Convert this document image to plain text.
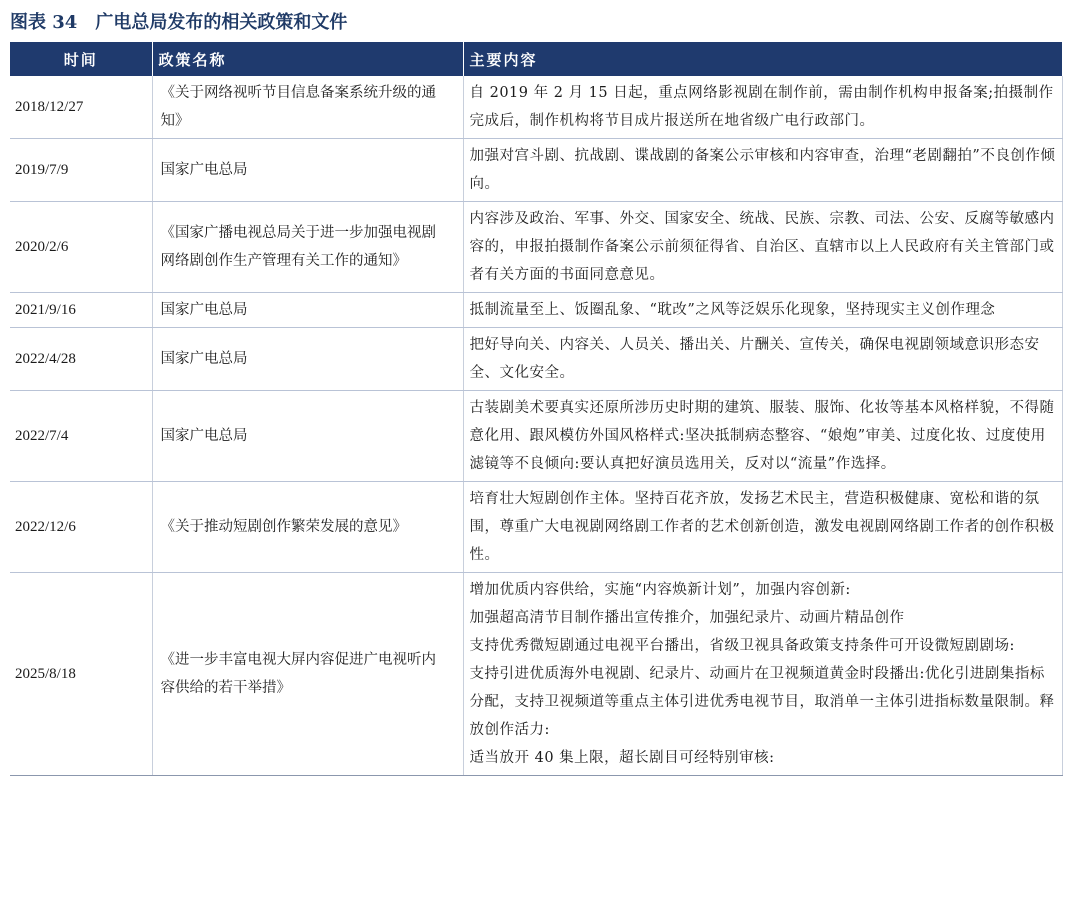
图表 34 广电总局发布的相关政策和文件
时间	政策名称	主要内容
2018/12/27	《关于网络视听节目信息备案系统升级的通知》	自 2019 年 2 月 15 日起，重点网络影视剧在制作前，需由制作机构申报备案;拍摄制作完成后，制作机构将节目成片报送所在地省级广电行政部门。

2019/7/9	国家广电总局	加强对宫斗剧、抗战剧、谍战剧的备案公示审核和内容审查，治理“老剧翻拍”不良创作倾向。

2020/2/6	《国家广播电视总局关于进一步加强电视剧网络剧创作生产管理有关工作的通知》	内容涉及政治、军事、外交、国家安全、统战、民族、宗教、司法、公安、反腐等敏感内容的，申报拍摄制作备案公示前须征得省、自治区、直辖市以上人民政府有关主管部门或者有关方面的书面同意意见。

2021/9/16	国家广电总局	抵制流量至上、饭圈乱象、“耽改”之风等泛娱乐化现象，坚持现实主义创作理念

2022/4/28	国家广电总局	把好导向关、内容关、人员关、播出关、片酬关、宣传关，确保电视剧领域意识形态安全、文化安全。

2022/7/4	国家广电总局	古装剧美术要真实还原所涉历史时期的建筑、服装、服饰、化妆等基本风格样貌，不得随意化用、跟风模仿外国风格样式:坚决抵制病态整容、“娘炮”审美、过度化妆、过度使用滤镜等不良倾向:要认真把好演员选用关，反对以“流量”作选择。

2022/12/6	《关于推动短剧创作繁荣发展的意见》	培育壮大短剧创作主体。坚持百花齐放，发扬艺术民主，营造积极健康、宽松和谐的氛围，尊重广大电视剧网络剧工作者的艺术创新创造，激发电视剧网络剧工作者的创作积极性。

2025/8/18	《进一步丰富电视大屏内容促进广电视听内容供给的若干举措》	增加优质内容供给，实施“内容焕新计划”，加强内容创新:
加强超高清节目制作播出宣传推介，加强纪录片、动画片精品创作
支持优秀微短剧通过电视平台播出，省级卫视具备政策支持条件可开设微短剧剧场:
支持引进优质海外电视剧、纪录片、动画片在卫视频道黄金时段播出:优化引进剧集指标分配，支持卫视频道等重点主体引进优秀电视节目，取消单一主体引进指标数量限制。释放创作活力:
适当放开 40 集上限，超长剧目可经特别审核:
